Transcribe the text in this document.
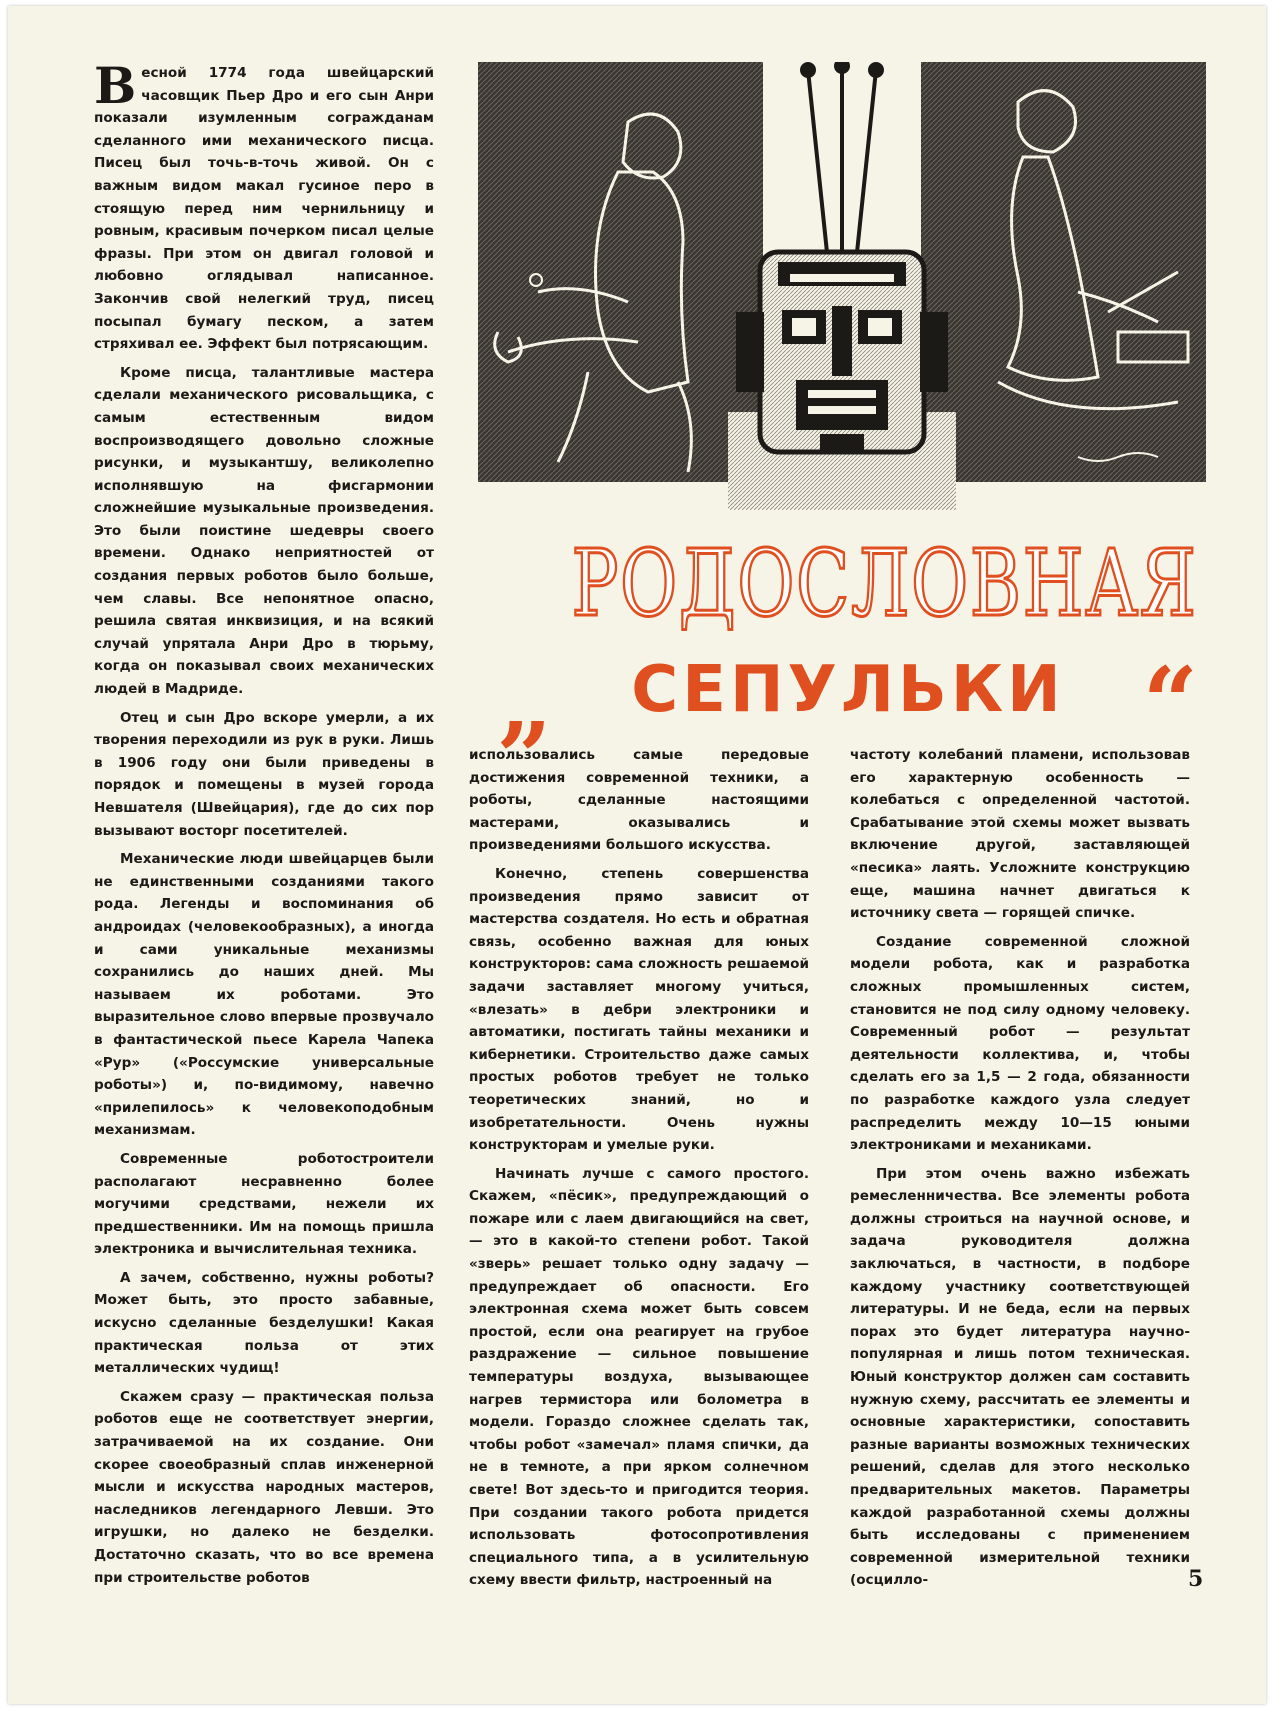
Весной 1774 года швейцарский часовщик Пьер Дро и его сын Анри показали изумленным согражданам сделанного ими механического писца. Писец был точь-в-точь живой. Он с важным видом макал гусиное перо в стоящую перед ним чернильницу и ровным, красивым почерком писал целые фразы. При этом он двигал головой и любовно оглядывал написанное. Закончив свой нелегкий труд, писец посыпал бумагу песком, а затем стряхивал ее. Эффект был потрясающим.

Кроме писца, талантливые мастера сделали механического рисовальщика, с самым естественным видом воспроизводящего довольно сложные рисунки, и музыкантшу, великолепно исполнявшую на фисгармонии сложнейшие музыкальные произведения. Это были поистине шедевры своего времени. Однако неприятностей от создания первых роботов было больше, чем славы. Все непонятное опасно, решила святая инквизиция, и на всякий случай упрятала Анри Дро в тюрьму, когда он показывал своих механических людей в Мадриде.

Отец и сын Дро вскоре умерли, а их творения переходили из рук в руки. Лишь в 1906 году они были приведены в порядок и помещены в музей города Невшателя (Швейцария), где до сих пор вызывают восторг посетителей.

Механические люди швейцарцев были не единственными созданиями такого рода. Легенды и воспоминания об андроидах (человекообразных), а иногда и сами уникальные механизмы сохранились до наших дней. Мы называем их роботами. Это выразительное слово впервые прозвучало в фантастической пьесе Карела Чапека «Рур» («Россумские универсальные роботы») и, по-видимому, навечно «прилепилось» к человекоподобным механизмам.

Современные роботостроители располагают несравненно более могучими средствами, нежели их предшественники. Им на помощь пришла электроника и вычислительная техника.

А зачем, собственно, нужны роботы? Может быть, это просто забавные, искусно сделанные безделушки! Какая практическая польза от этих металлических чудищ!

Скажем сразу — практическая польза роботов еще не соответствует энергии, затрачиваемой на их создание. Они скорее своеобразный сплав инженерной мысли и искусства народных мастеров, наследников легендарного Левши. Это игрушки, но далеко не безделки. Достаточно сказать, что во все времена при строительстве роботов

РОДОСЛОВНАЯ
„	СЕПУЛЬКИ “

использовались самые передовые достижения современной техники, а роботы, сделанные настоящими мастерами, оказывались и произведениями большого искусства.

Конечно, степень совершенства произведения прямо зависит от мастерства создателя. Но есть и обратная связь, особенно важная для юных конструкторов: сама сложность решаемой задачи заставляет многому учиться, «влезать» в дебри электроники и автоматики, постигать тайны механики и кибернетики. Строительство даже самых простых роботов требует не только теоретических знаний, но и изобретательности. Очень нужны конструкторам и умелые руки.

Начинать лучше с самого простого. Скажем, «пёсик», предупреждающий о пожаре или с лаем двигающийся на свет, — это в какой-то степени робот. Такой «зверь» решает только одну задачу — предупреждает об опасности. Его электронная схема может быть совсем простой, если она реагирует на грубое раздражение — сильное повышение температуры воздуха, вызывающее нагрев термистора или болометра в модели. Гораздо сложнее сделать так, чтобы робот «замечал» пламя спички, да не в темноте, а при ярком солнечном свете! Вот здесь-то и пригодится теория. При создании такого робота придется использовать фотосопротивления специального типа, а в усилительную схему ввести фильтр, настроенный на

частоту колебаний пламени, использовав его характерную особенность — колебаться с определенной частотой. Срабатывание этой схемы может вызвать включение другой, заставляющей «песика» лаять. Усложните конструкцию еще, машина начнет двигаться к источнику света — горящей спичке.

Создание современной сложной модели робота, как и разработка сложных промышленных систем, становится не под силу одному человеку. Современный робот — результат деятельности коллектива, и, чтобы сделать его за 1,5 — 2 года, обязанности по разработке каждого узла следует распределить между 10—15 юными электрониками и механиками.

При этом очень важно избежать ремесленничества. Все элементы робота должны строиться на научной основе, и задача руководителя должна заключаться, в частности, в подборе каждому участнику соответствующей литературы. И не беда, если на первых порах это будет литература научно-популярная и лишь потом техническая. Юный конструктор должен сам составить нужную схему, рассчитать ее элементы и основные характеристики, сопоставить разные варианты возможных технических решений, сделав для этого несколько предварительных макетов. Параметры каждой разработанной схемы должны быть исследованы с применением современной измерительной техники (осцилло-	5
